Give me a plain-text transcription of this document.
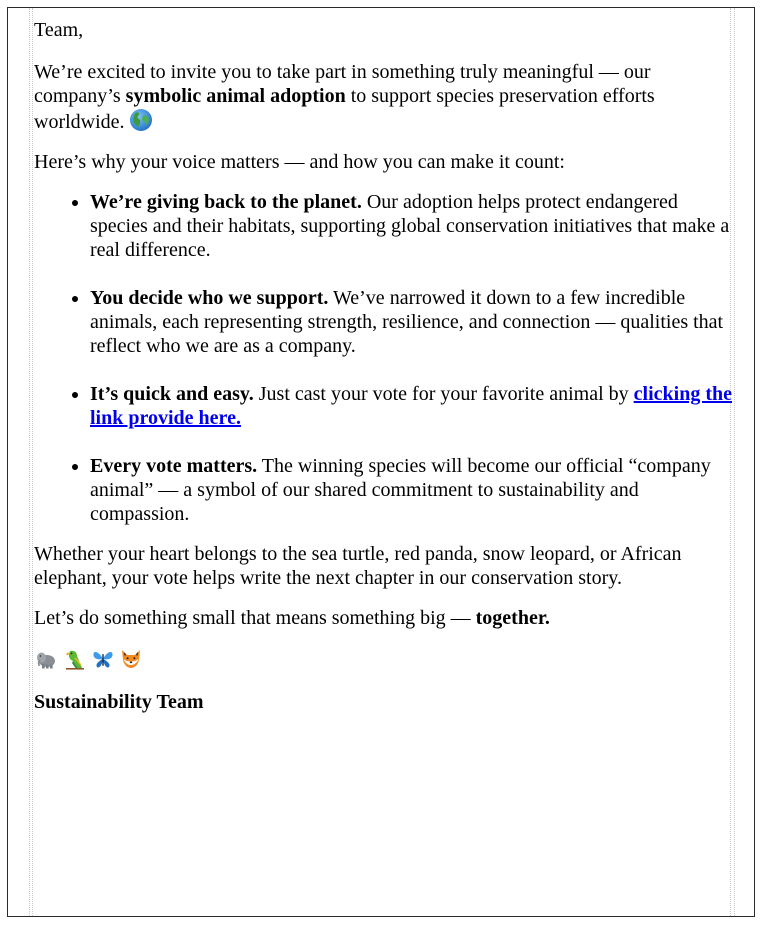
Team,

We’re excited to invite you to take part in something truly meaningful — our company’s symbolic animal adoption to support species preservation efforts worldwide.

Here’s why your voice matters — and how you can make it count:

• We’re giving back to the planet. Our adoption helps protect endangered species and their habitats, supporting global conservation initiatives that make a real difference.
• You decide who we support. We’ve narrowed it down to a few incredible animals, each representing strength, resilience, and connection — qualities that reflect who we are as a company.
• It’s quick and easy. Just cast your vote for your favorite animal by clicking the link provide here.
• Every vote matters. The winning species will become our official “company animal” — a symbol of our shared commitment to sustainability and compassion.

Whether your heart belongs to the sea turtle, red panda, snow leopard, or African elephant, your vote helps write the next chapter in our conservation story.

Let’s do something small that means something big — together.

Sustainability Team
